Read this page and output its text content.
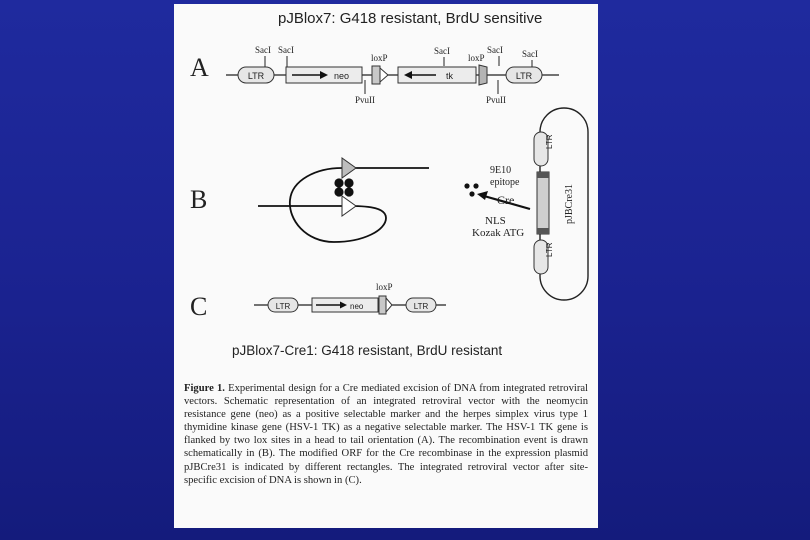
pJBlox7: G418 resistant, BrdU sensitive
A	LTR	neo	tk	LTR
SacI SacI
loxP
SacI
loxP
SacI SacI
PvuII	PvuII
B
LTR
LTR
pJBCre31
9E10
epitope
Cre
NLS
Kozak ATG
C	LTR	neo	LTR
loxP
pJBlox7-Cre1: G418 resistant, BrdU resistant
Figure 1. Experimental design for a Cre mediated excision of DNA from integrated retroviral vectors. Schematic representation of an integrated retroviral vector with the neomycin resistance gene (neo) as a positive selectable marker and the herpes simplex virus type 1 thymidine kinase gene (HSV-1 TK) as a negative selectable marker. The HSV-1 TK gene is flanked by two lox sites in a head to tail orientation (A). The recombination event is drawn schematically in (B). The modified ORF for the Cre recombinase in the expression plasmid pJBCre31 is indicated by different rectangles. The integrated retroviral vector after site-specific excision of DNA is shown in (C).
